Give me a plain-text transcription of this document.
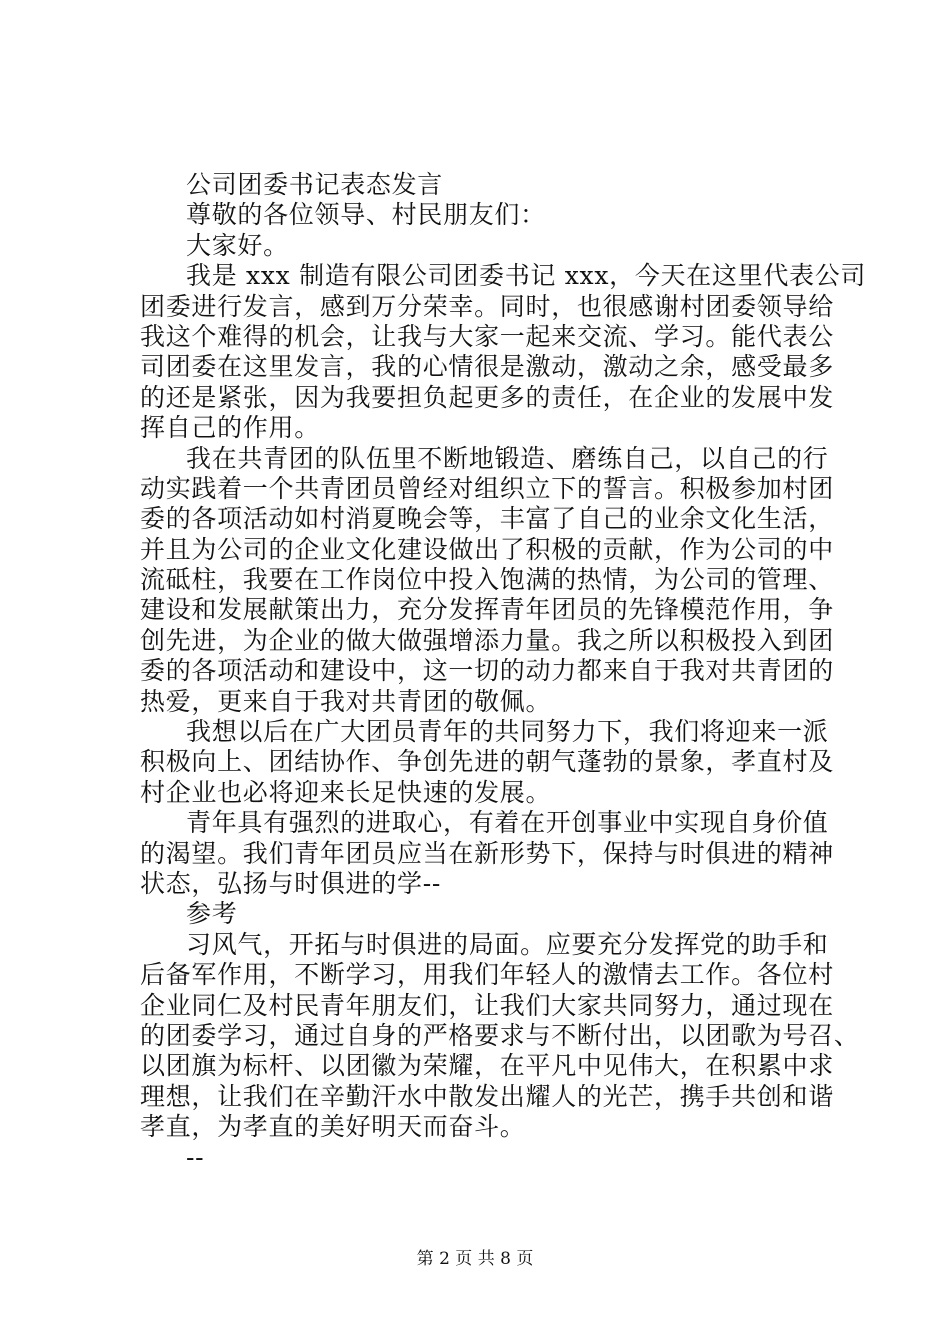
公司团委书记表态发言
尊敬的各位领导、村民朋友们：
大家好。
我是 xxx 制造有限公司团委书记 xxx，今天在这里代表公司
团委进行发言，感到万分荣幸。同时，也很感谢村团委领导给
我这个难得的机会，让我与大家一起来交流、学习。能代表公
司团委在这里发言，我的心情很是激动，激动之余，感受最多
的还是紧张，因为我要担负起更多的责任，在企业的发展中发
挥自己的作用。
我在共青团的队伍里不断地锻造、磨练自己，以自己的行
动实践着一个共青团员曾经对组织立下的誓言。积极参加村团
委的各项活动如村消夏晚会等，丰富了自己的业余文化生活，
并且为公司的企业文化建设做出了积极的贡献，作为公司的中
流砥柱，我要在工作岗位中投入饱满的热情，为公司的管理、
建设和发展献策出力，充分发挥青年团员的先锋模范作用，争
创先进，为企业的做大做强增添力量。我之所以积极投入到团
委的各项活动和建设中，这一切的动力都来自于我对共青团的
热爱，更来自于我对共青团的敬佩。
我想以后在广大团员青年的共同努力下，我们将迎来一派
积极向上、团结协作、争创先进的朝气蓬勃的景象，孝直村及
村企业也必将迎来长足快速的发展。
青年具有强烈的进取心，有着在开创事业中实现自身价值
的渴望。我们青年团员应当在新形势下，保持与时俱进的精神
状态，弘扬与时俱进的学--
参考
习风气，开拓与时俱进的局面。应要充分发挥党的助手和
后备军作用，不断学习，用我们年轻人的激情去工作。各位村
企业同仁及村民青年朋友们，让我们大家共同努力，通过现在
的团委学习，通过自身的严格要求与不断付出，以团歌为号召、
以团旗为标杆、以团徽为荣耀，在平凡中见伟大，在积累中求
理想，让我们在辛勤汗水中散发出耀人的光芒，携手共创和谐
孝直，为孝直的美好明天而奋斗。
--
第 2 页 共 8 页
